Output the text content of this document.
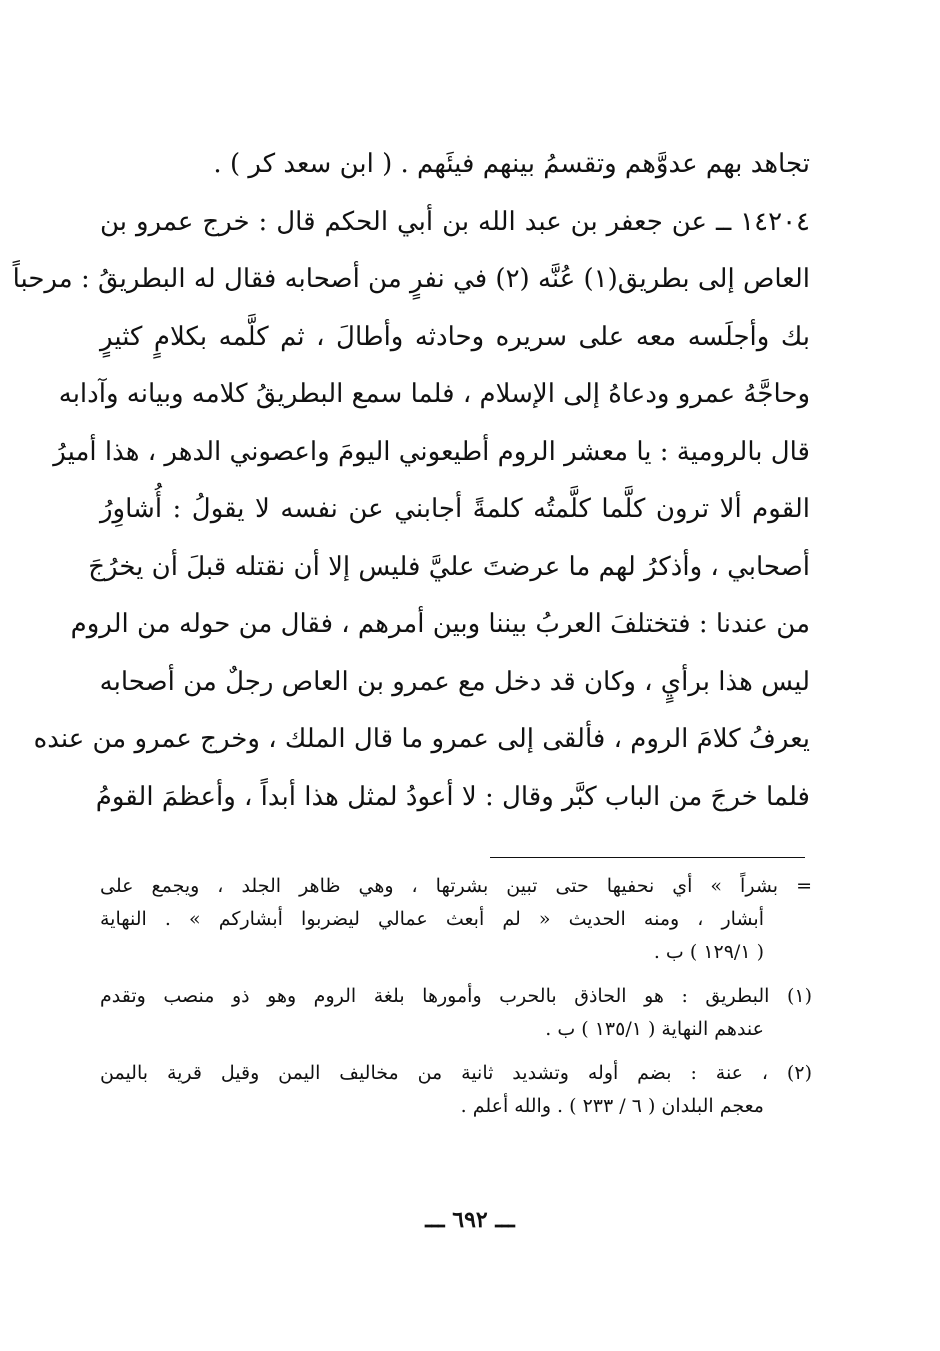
تجاهد بهم عدوَّهم وتقسمُ بينهم فيئَهم . ( ابن سعد كر ) .
١٤٢٠٤ ــ عن جعفر بن عبد الله بن أبي الحكم قال : خرج عمرو بن
العاص إلى بطريق(١) عُنَّه (٢) في نفرٍ من أصحابه فقال له البطريقُ : مرحباً
بك وأجلَسه معه على سريره وحادثه وأطالَ ، ثم كلَّمه بكلامٍ كثيرٍ
وحاجَّهُ عمرو ودعاهُ إلى الإسلام ، فلما سمع البطريقُ كلامه وبيانه وآدابه
قال بالرومية : يا معشر الروم أطيعوني اليومَ واعصوني الدهر ، هذا أميرُ
القوم ألا ترون كلَّما كلَّمتُه كلمةً أجابني عن نفسه لا يقولُ : أُشاوِرُ
أصحابي ، وأذكرُ لهم ما عرضتَ عليَّ فليس إلا أن نقتله قبلَ أن يخرُجَ
من عندنا : فتختلفَ العربُ بيننا وبين أمرهم ، فقال من حوله من الروم
ليس هذا برأيٍ ، وكان قد دخل مع عمرو بن العاص رجلٌ من أصحابه
يعرفُ كلامَ الروم ، فألقى إلى عمرو ما قال الملك ، وخرج عمرو من عنده
فلما خرجَ من الباب كبَّر وقال : لا أعودُ لمثل هذا أبداً ، وأعظمَ القومُ
= بشراً » أي نحفيها حتى تبين بشرتها ، وهي ظاهر الجلد ، ويجمع على
أبشار ، ومنه الحديث « لم أبعث عمالي ليضربوا أبشاركم » . النهاية
( ١٢٩/١ ) ب .
(١) البطريق : هو الحاذق بالحرب وأمورها بلغة الروم وهو ذو منصب وتقدم
عندهم النهاية ( ١٣٥/١ ) ب .
(٢) ، عنة : بضم أوله وتشديد ثانية من مخاليف اليمن وقيل قرية باليمن
معجم البلدان ( ٦ / ٢٣٣ ) . والله أعلم .
ـــ ٦٩٢ ـــ
